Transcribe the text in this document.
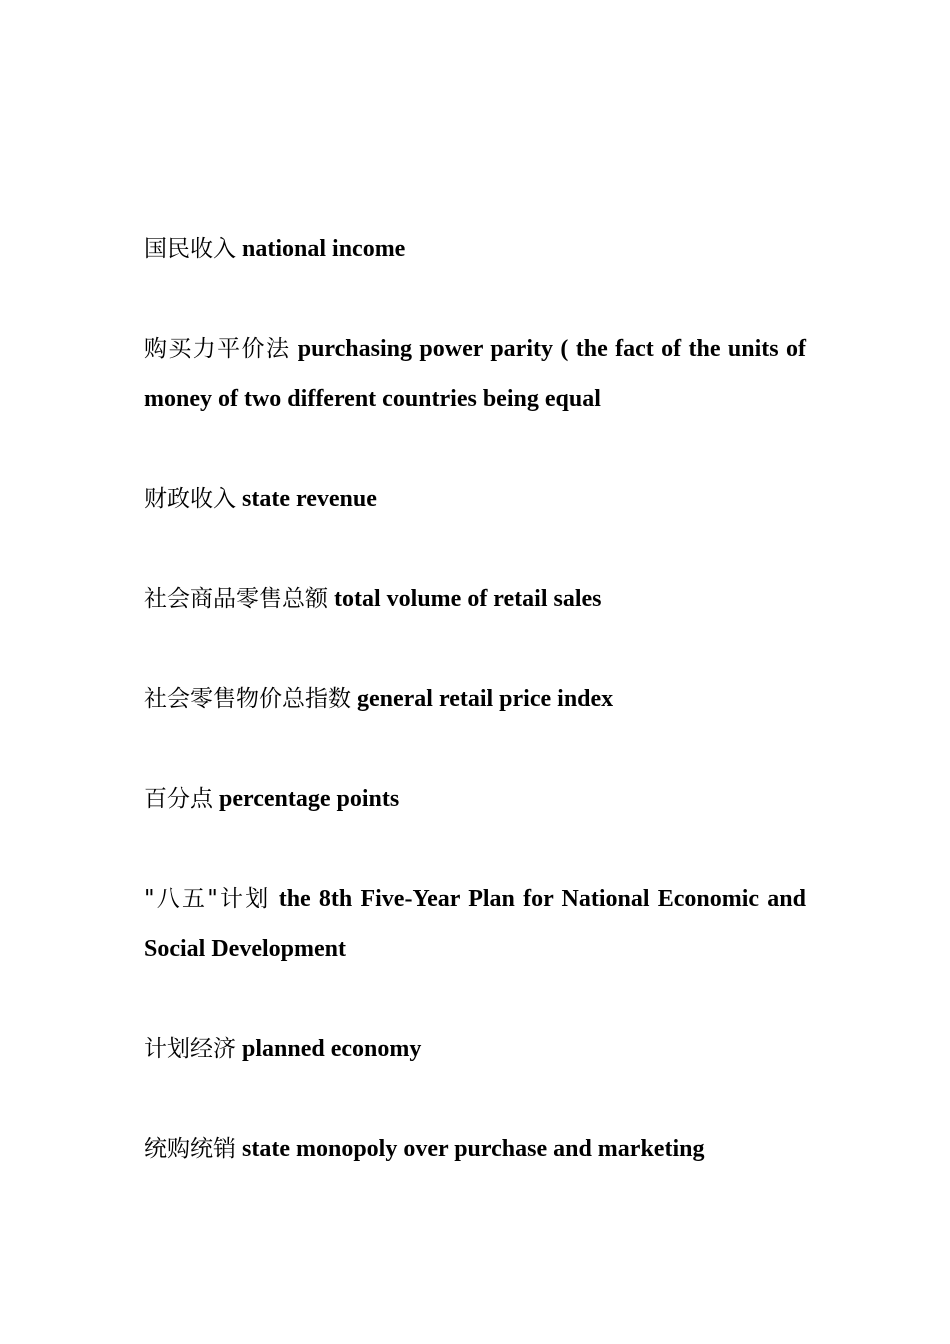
国民收入 national income

购买力平价法 purchasing power parity ( the fact of the units of money of two different countries being equal

财政收入 state revenue

社会商品零售总额 total volume of retail sales

社会零售物价总指数 general retail price index

百分点 percentage points

"八五"计划 the 8th Five-Year Plan for National Economic and Social Development

计划经济 planned economy

统购统销 state monopoly over purchase and marketing
